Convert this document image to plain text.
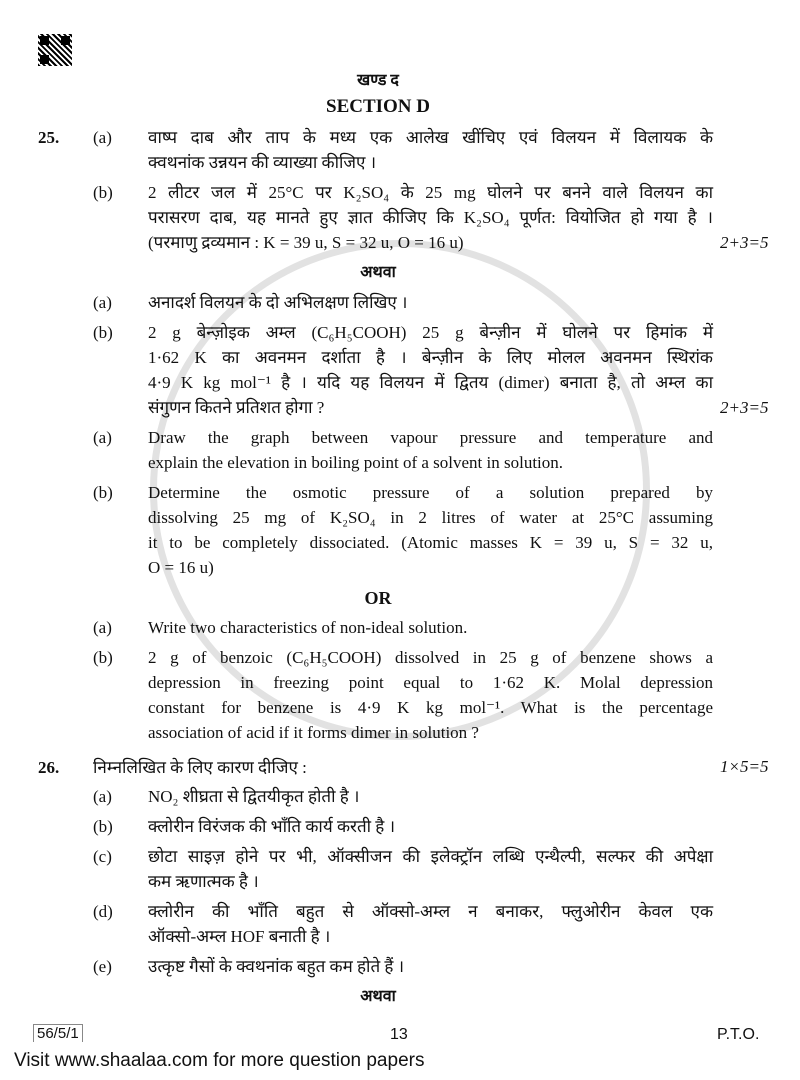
खण्ड द
SECTION D
25.	(a)	वाष्प दाब और ताप के मध्य एक आलेख खींचिए एवं विलयन में विलायक के
क्वथनांक उन्नयन की व्याख्या कीजिए ।
(b)	2 लीटर जल में 25°C पर K₂SO₄ के 25 mg घोलने पर बनने वाले विलयन का
परासरण दाब, यह मानते हुए ज्ञात कीजिए कि K₂SO₄ पूर्णत: वियोजित हो गया है ।
(परमाणु द्रव्यमान : K = 39 u, S = 32 u, O = 16 u)	2+3=5
अथवा
(a)	अनादर्श विलयन के दो अभिलक्षण लिखिए ।
(b)	2 g बेन्ज़ोइक अम्ल (C₆H₅COOH) 25 g बेन्ज़ीन में घोलने पर हिमांक में
1·62 K का अवनमन दर्शाता है । बेन्ज़ीन के लिए मोलल अवनमन स्थिरांक
4·9 K kg mol⁻¹ है । यदि यह विलयन में द्वितय (dimer) बनाता है, तो अम्ल का
संगुणन कितने प्रतिशत होगा ?	2+3=5
(a)	Draw the graph between vapour pressure and temperature and
explain the elevation in boiling point of a solvent in solution.
(b)	Determine the osmotic pressure of a solution prepared by
dissolving 25 mg of K₂SO₄ in 2 litres of water at 25°C assuming
it to be completely dissociated. (Atomic masses K = 39 u, S = 32 u,
O = 16 u)
OR
(a)	Write two characteristics of non-ideal solution.
(b)	2 g of benzoic (C₆H₅COOH) dissolved in 25 g of benzene shows a
depression in freezing point equal to 1·62 K. Molal depression
constant for benzene is 4·9 K kg mol⁻¹. What is the percentage
association of acid if it forms dimer in solution ?
26.	निम्नलिखित के लिए कारण दीजिए :	1×5=5
(a)	NO₂ शीघ्रता से द्वितयीकृत होती है ।
(b)	क्लोरीन विरंजक की भाँति कार्य करती है ।
(c)	छोटा साइज़ होने पर भी, ऑक्सीजन की इलेक्ट्रॉन लब्धि एन्थैल्पी, सल्फर की अपेक्षा
कम ऋणात्मक है ।
(d)	क्लोरीन की भाँति बहुत से ऑक्सो-अम्ल न बनाकर, फ्लुओरीन केवल एक
ऑक्सो-अम्ल HOF बनाती है ।
(e)	उत्कृष्ट गैसों के क्वथनांक बहुत कम होते हैं ।
अथवा
56/5/1	13	P.T.O.
Visit www.shaalaa.com for more question papers
